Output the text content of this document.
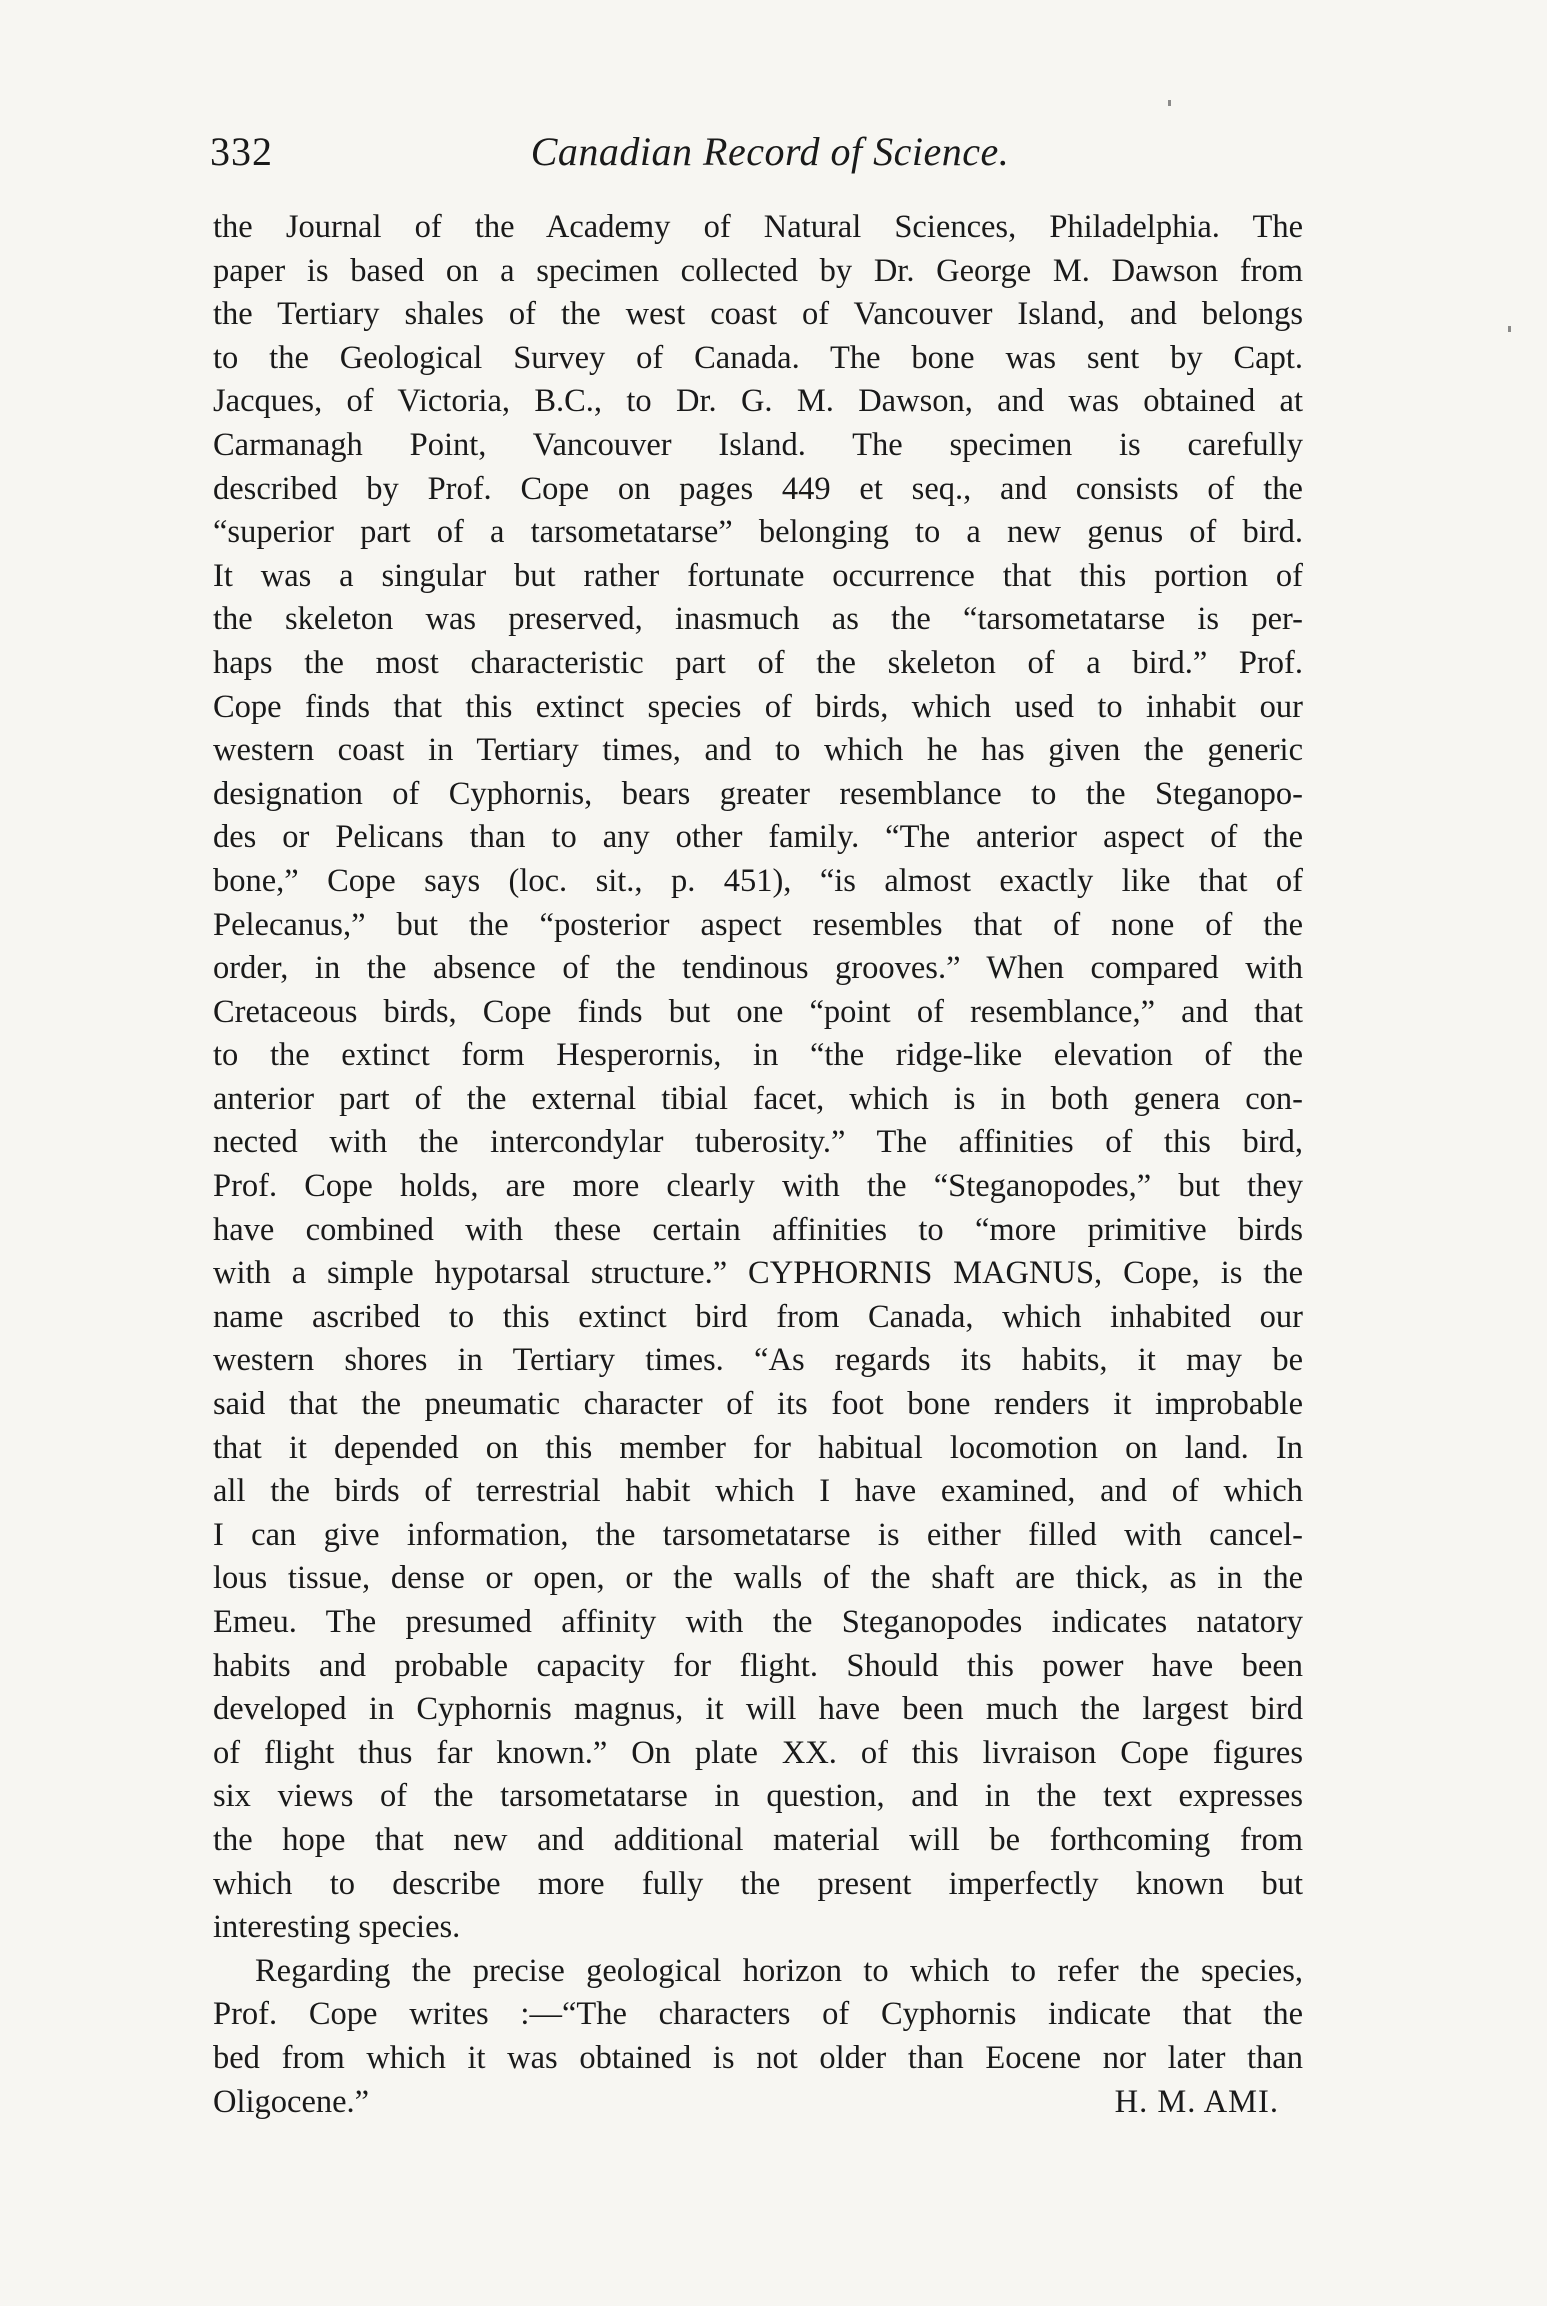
332	Canadian Record of Science.
the Journal of the Academy of Natural Sciences, Philadelphia. The
paper is based on a specimen collected by Dr. George M. Dawson from
the Tertiary shales of the west coast of Vancouver Island, and belongs
to the Geological Survey of Canada. The bone was sent by Capt.
Jacques, of Victoria, B.C., to Dr. G. M. Dawson, and was obtained at
Carmanagh Point, Vancouver Island. The specimen is carefully
described by Prof. Cope on pages 449 et seq., and consists of the
“superior part of a tarsometatarse” belonging to a new genus of bird.
It was a singular but rather fortunate occurrence that this portion of
the skeleton was preserved, inasmuch as the “tarsometatarse is per-
haps the most characteristic part of the skeleton of a bird.” Prof.
Cope finds that this extinct species of birds, which used to inhabit our
western coast in Tertiary times, and to which he has given the generic
designation of Cyphornis, bears greater resemblance to the Steganopo-
des or Pelicans than to any other family. “The anterior aspect of the
bone,” Cope says (loc. sit., p. 451), “is almost exactly like that of
Pelecanus,” but the “posterior aspect resembles that of none of the
order, in the absence of the tendinous grooves.” When compared with
Cretaceous birds, Cope finds but one “point of resemblance,” and that
to the extinct form Hesperornis, in “the ridge-like elevation of the
anterior part of the external tibial facet, which is in both genera con-
nected with the intercondylar tuberosity.” The affinities of this bird,
Prof. Cope holds, are more clearly with the “Steganopodes,” but they
have combined with these certain affinities to “more primitive birds
with a simple hypotarsal structure.” CYPHORNIS MAGNUS, Cope, is the
name ascribed to this extinct bird from Canada, which inhabited our
western shores in Tertiary times. “As regards its habits, it may be
said that the pneumatic character of its foot bone renders it improbable
that it depended on this member for habitual locomotion on land. In
all the birds of terrestrial habit which I have examined, and of which
I can give information, the tarsometatarse is either filled with cancel-
lous tissue, dense or open, or the walls of the shaft are thick, as in the
Emeu. The presumed affinity with the Steganopodes indicates natatory
habits and probable capacity for flight. Should this power have been
developed in Cyphornis magnus, it will have been much the largest bird
of flight thus far known.” On plate XX. of this livraison Cope figures
six views of the tarsometatarse in question, and in the text expresses
the hope that new and additional material will be forthcoming from
which to describe more fully the present imperfectly known but
interesting species.
Regarding the precise geological horizon to which to refer the species,
Prof. Cope writes :—“The characters of Cyphornis indicate that the
bed from which it was obtained is not older than Eocene nor later than
Oligocene.”	H. M. AMI.
